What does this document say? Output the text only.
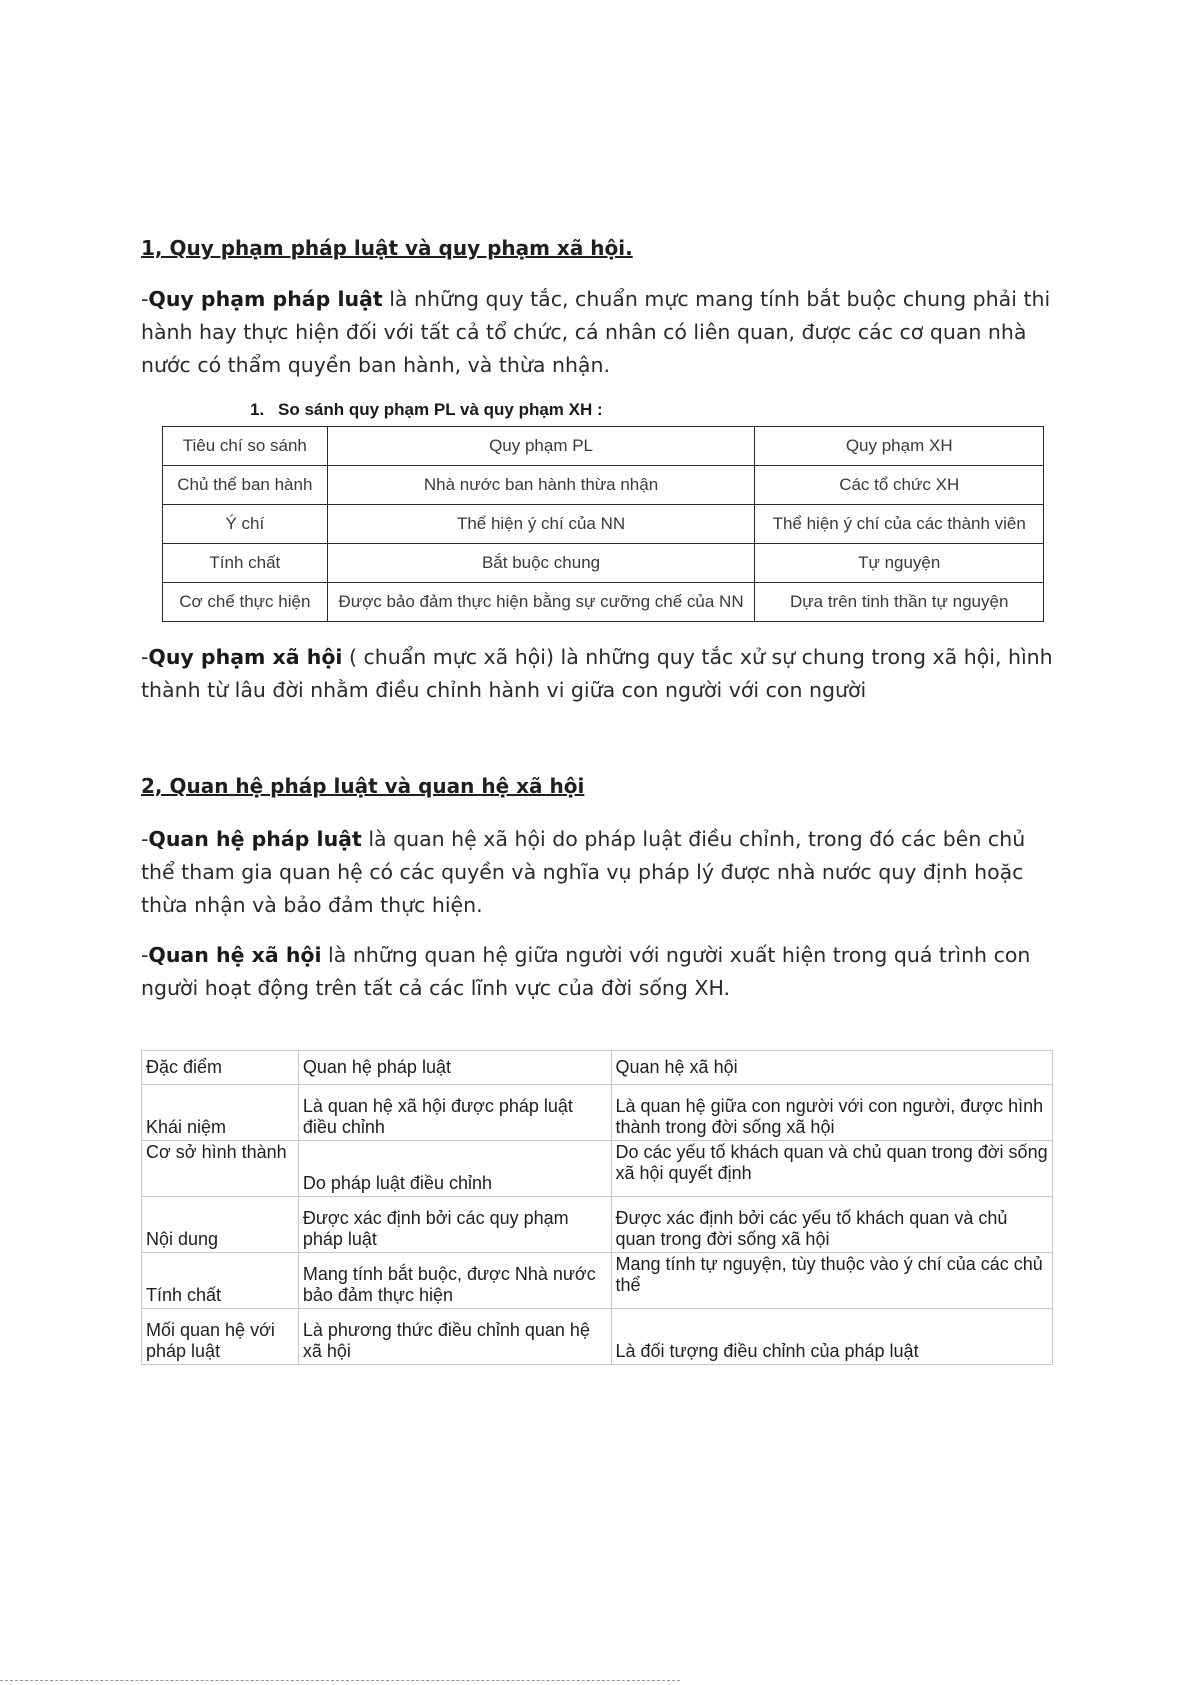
1, Quy phạm pháp luật và quy phạm xã hội.

-Quy phạm pháp luật là những quy tắc, chuẩn mực mang tính bắt buộc chung phải thi hành hay thực hiện đối với tất cả tổ chức, cá nhân có liên quan, được các cơ quan nhà nước có thẩm quyền ban hành, và thừa nhận.

1. So sánh quy phạm PL và quy phạm XH :
Tiêu chí so sánh	Quy phạm PL	Quy phạm XH
Chủ thể ban hành	Nhà nước ban hành thừa nhận	Các tổ chức XH
Ý chí	Thể hiện ý chí của NN	Thể hiện ý chí của các thành viên
Tính chất	Bắt buộc chung	Tự nguyện
Cơ chế thực hiện	Được bảo đảm thực hiện bằng sự cưỡng chế của NN	Dựa trên tinh thần tự nguyện

-Quy phạm xã hội ( chuẩn mực xã hội) là những quy tắc xử sự chung trong xã hội, hình thành từ lâu đời nhằm điều chỉnh hành vi giữa con người với con người

2, Quan hệ pháp luật và quan hệ xã hội

-Quan hệ pháp luật là quan hệ xã hội do pháp luật điều chỉnh, trong đó các bên chủ thể tham gia quan hệ có các quyền và nghĩa vụ pháp lý được nhà nước quy định hoặc thừa nhận và bảo đảm thực hiện.

-Quan hệ xã hội là những quan hệ giữa người với người xuất hiện trong quá trình con người hoạt động trên tất cả các lĩnh vực của đời sống XH.

Đặc điểm	Quan hệ pháp luật	Quan hệ xã hội
Khái niệm	Là quan hệ xã hội được pháp luật điều chỉnh	Là quan hệ giữa con người với con người, được hình thành trong đời sống xã hội
Cơ sở hình thành	Do pháp luật điều chỉnh	Do các yếu tố khách quan và chủ quan trong đời sống xã hội quyết định
Nội dung	Được xác định bởi các quy phạm pháp luật	Được xác định bởi các yếu tố khách quan và chủ quan trong đời sống xã hội
Tính chất	Mang tính bắt buộc, được Nhà nước bảo đảm thực hiện	Mang tính tự nguyện, tùy thuộc vào ý chí của các chủ thể
Mối quan hệ với pháp luật	Là phương thức điều chỉnh quan hệ xã hội	Là đối tượng điều chỉnh của pháp luật
